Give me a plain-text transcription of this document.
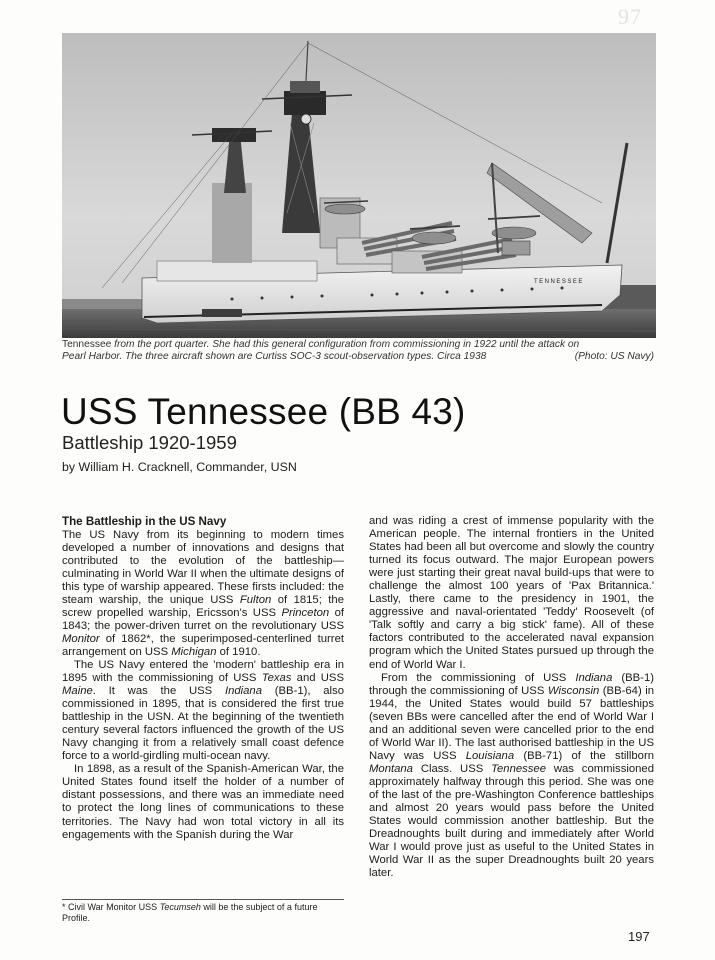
97
TENNESSEE
Tennessee from the port quarter. She had this general configuration from commissioning in 1922 until the attack on
Pearl Harbor. The three aircraft shown are Curtiss SOC-3 scout-observation types. Circa 1938	(Photo: US Navy)
USS Tennessee (BB 43)
Battleship 1920-1959
by William H. Cracknell, Commander, USN
The Battleship in the US Navy

The US Navy from its beginning to modern times developed a number of innovations and designs that contributed to the evolution of the battleship—culminating in World War II when the ultimate designs of this type of warship appeared. These firsts included: the steam warship, the unique USS Fulton of 1815; the screw propelled warship, Ericsson's USS Princeton of 1843; the power-driven turret on the revolutionary USS Monitor of 1862*, the superimposed-centerlined turret arrangement on USS Michigan of 1910.

The US Navy entered the 'modern' battleship era in 1895 with the commissioning of USS Texas and USS Maine. It was the USS Indiana (BB-1), also commissioned in 1895, that is considered the first true battleship in the USN. At the beginning of the twentieth century several factors influenced the growth of the US Navy changing it from a relatively small coast defence force to a world-girdling multi-ocean navy.

In 1898, as a result of the Spanish-American War, the United States found itself the holder of a number of distant possessions, and there was an immediate need to protect the long lines of communications to these territories. The Navy had won total victory in all its engagements with the Spanish during the War

and was riding a crest of immense popularity with the American people. The internal frontiers in the United States had been all but overcome and slowly the country turned its focus outward. The major European powers were just starting their great naval build-ups that were to challenge the almost 100 years of 'Pax Britannica.' Lastly, there came to the presidency in 1901, the aggressive and naval-orientated 'Teddy' Roosevelt (of 'Talk softly and carry a big stick' fame). All of these factors contributed to the accelerated naval expansion program which the United States pursued up through the end of World War I.

From the commissioning of USS Indiana (BB-1) through the commissioning of USS Wisconsin (BB-64) in 1944, the United States would build 57 battleships (seven BBs were cancelled after the end of World War I and an additional seven were cancelled prior to the end of World War II). The last authorised battleship in the US Navy was USS Louisiana (BB-71) of the stillborn Montana Class. USS Tennessee was commissioned approximately halfway through this period. She was one of the last of the pre-Washington Conference battleships and almost 20 years would pass before the United States would commission another battleship. But the Dreadnoughts built during and immediately after World War I would prove just as useful to the United States in World War II as the super Dreadnoughts built 20 years later.

* Civil War Monitor USS Tecumseh will be the subject of a future Profile.
197
